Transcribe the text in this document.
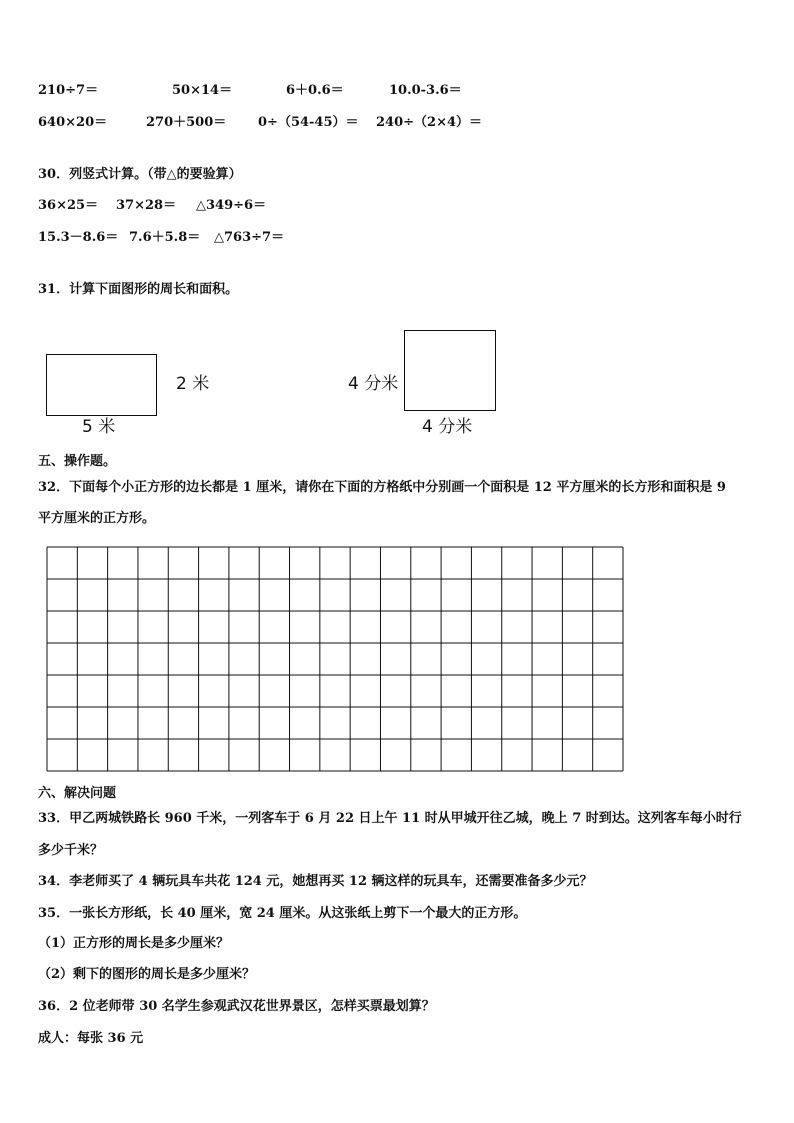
210÷7＝	50×14＝	6＋0.6＝	10.0-3.6＝
640×20＝	270＋500＝ 0÷（54-45）＝ 240÷（2×4）＝
30．列竖式计算。（带△的要验算）
36×25＝ 37×28＝ △349÷6＝
15.3－8.6＝ 7.6＋5.8＝ △763÷7＝
31．计算下面图形的周长和面积。
2 米
5 米
4 分米
4 分米
五、操作题。
32．下面每个小正方形的边长都是 1 厘米，请你在下面的方格纸中分别画一个面积是 12 平方厘米的长方形和面积是 9
平方厘米的正方形。
六、解决问题
33．甲乙两城铁路长 960 千米，一列客车于 6 月 22 日上午 11 时从甲城开往乙城，晚上 7 时到达。这列客车每小时行
多少千米？
34．李老师买了 4 辆玩具车共花 124 元，她想再买 12 辆这样的玩具车，还需要准备多少元？
35．一张长方形纸，长 40 厘米，宽 24 厘米。从这张纸上剪下一个最大的正方形。
（1）正方形的周长是多少厘米？
（2）剩下的图形的周长是多少厘米？
36．2 位老师带 30 名学生参观武汉花世界景区，怎样买票最划算？
成人：每张 36 元
